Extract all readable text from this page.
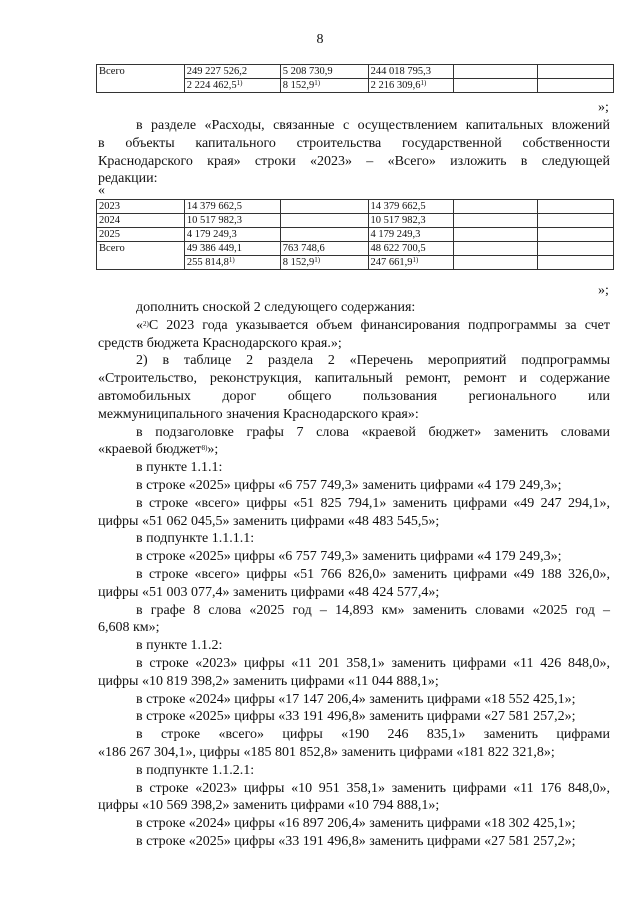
8
Всего	249 227 526,2	5 208 730,9	244 018 795,3		
	2 224 462,5$^{1)}$	8 152,9$^{1)}$	2 216 309,6$^{1)}$		
»;

в разделе «Расходы, связанные с осуществлением капитальных вложений

в объекты капитального строительства государственной собственности

Краснодарского края» строки «2023» – «Всего» изложить в следующей

редакции:

«
2023	14 379 662,5		14 379 662,5		
2024	10 517 982,3		10 517 982,3		
2025	4 179 249,3		4 179 249,3		
Всего	49 386 449,1	763 748,6	48 622 700,5		
	255 814,8$^{1)}$	8 152,9$^{1)}$	247 661,9$^{1)}$		
»;

дополнить сноской 2 следующего содержания:

«$^{2)}$С 2023 года указывается объем финансирования подпрограммы за счет

средств бюджета Краснодарского края.»;

2) в таблице 2 раздела 2 «Перечень мероприятий подпрограммы

«Строительство, реконструкция, капитальный ремонт, ремонт и содержание

автомобильных дорог общего пользования региональногo или

межмуниципального значения Краснодарского края»:

в подзаголовке графы 7 слова «краевой бюджет» заменить словами

«краевой бюджет$^{8)}$»;

в пункте 1.1.1:

в строке «2025» цифры «6 757 749,3» заменить цифрами «4 179 249,3»;

в строке «всего» цифры «51 825 794,1» заменить цифрами «49 247 294,1»,

цифры «51 062 045,5» заменить цифрами «48 483 545,5»;

в подпункте 1.1.1.1:

в строке «2025» цифры «6 757 749,3» заменить цифрами «4 179 249,3»;

в строке «всего» цифры «51 766 826,0» заменить цифрами «49 188 326,0»,

цифры «51 003 077,4» заменить цифрами «48 424 577,4»;

в графе 8 слова «2025 год – 14,893 км» заменить словами «2025 год –

6,608 км»;

в пункте 1.1.2:

в строке «2023» цифры «11 201 358,1» заменить цифрами «11 426 848,0»,

цифры «10 819 398,2» заменить цифрами «11 044 888,1»;

в строке «2024» цифры «17 147 206,4» заменить цифрами «18 552 425,1»;

в строке «2025» цифры «33 191 496,8» заменить цифрами «27 581 257,2»;

в строке «всего» цифры «190 246 835,1» заменить цифрами

«186 267 304,1», цифры «185 801 852,8» заменить цифрами «181 822 321,8»;

в подпункте 1.1.2.1:

в строке «2023» цифры «10 951 358,1» заменить цифрами «11 176 848,0»,

цифры «10 569 398,2» заменить цифрами «10 794 888,1»;

в строке «2024» цифры «16 897 206,4» заменить цифрами «18 302 425,1»;

в строке «2025» цифры «33 191 496,8» заменить цифрами «27 581 257,2»;
